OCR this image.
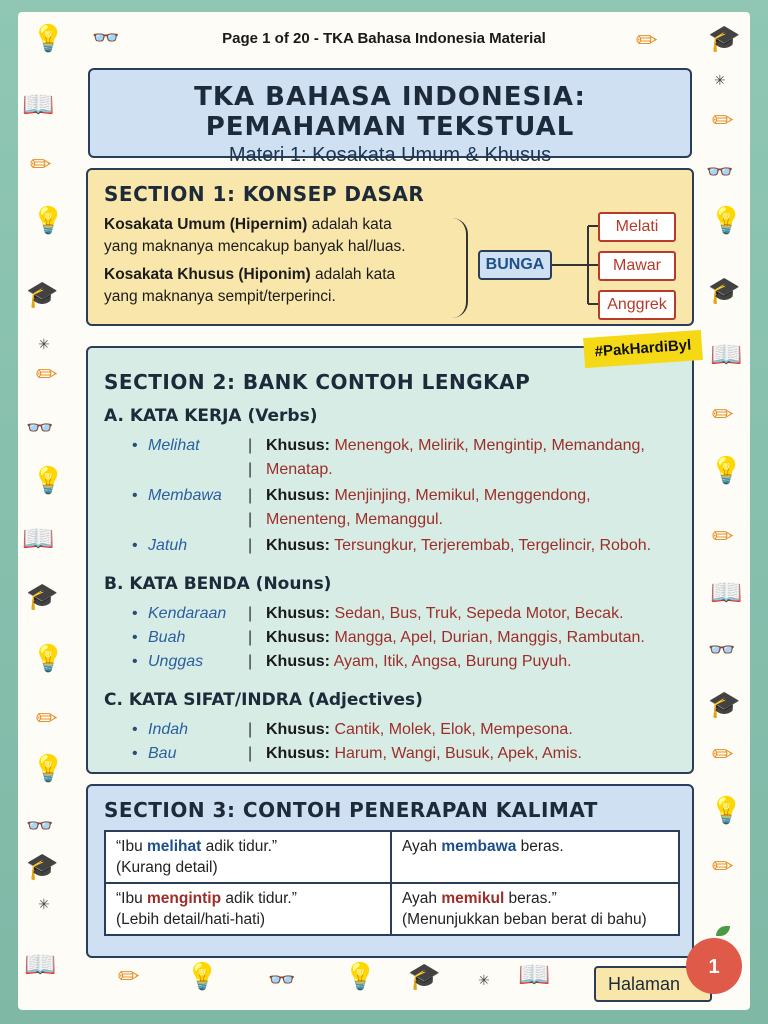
💡 👓	✏ 🎓
📖
✏
💡
🎓
✳
✏
👓
💡
📖
🎓
💡
✏
💡
👓
🎓
✳
📖 ✏ 💡 👓 💡 🎓	✳ 📖
✳
✏
👓
💡
🎓
📖
✏
💡
✏
📖
👓
🎓
✏
💡
✏
Page 1 of 20 - TKA Bahasa Indonesia Material
TKA BAHASA INDONESIA: PEMAHAMAN TEKSTUAL
Materi 1: Kosakata Umum & Khusus
SECTION 1: KONSEP DASAR
Kosakata Umum (Hipernim) adalah kata
yang maknanya mencakup banyak hal/luas.
Kosakata Khusus (Hiponim) adalah kata
yang maknanya sempit/terperinci.
BUNGA
Melati
Mawar
Anggrek
SECTION 2: BANK CONTOH LENGKAP
A. KATA KERJA (Verbs)
• Melihat	| Khusus: Menengok, Melirik, Mengintip, Memandang,
| Menatap.
• Membawa | Khusus: Menjinjing, Memikul, Menggendong,
| Menenteng, Memanggul.
• Jatuh	| Khusus: Tersungkur, Terjerembab, Tergelincir, Roboh.
B. KATA BENDA (Nouns)
• Kendaraan | Khusus: Sedan, Bus, Truk, Sepeda Motor, Becak.
• Buah	| Khusus: Mangga, Apel, Durian, Manggis, Rambutan.
• Unggas	| Khusus: Ayam, Itik, Angsa, Burung Puyuh.
C. KATA SIFAT/INDRA (Adjectives)
• Indah	| Khusus: Cantik, Molek, Elok, Mempesona.
• Bau	| Khusus: Harum, Wangi, Busuk, Apek, Amis.
#PakHardiByl
SECTION 3: CONTOH PENERAPAN KALIMAT
“Ibu melihat adik tidur.”
(Kurang detail)	Ayah membawa beras.
“Ibu mengintip adik tidur.”
(Lebih detail/hati-hati)	Ayah memikul beras.”
(Menunjukkan beban berat di bahu)
Halaman
1
